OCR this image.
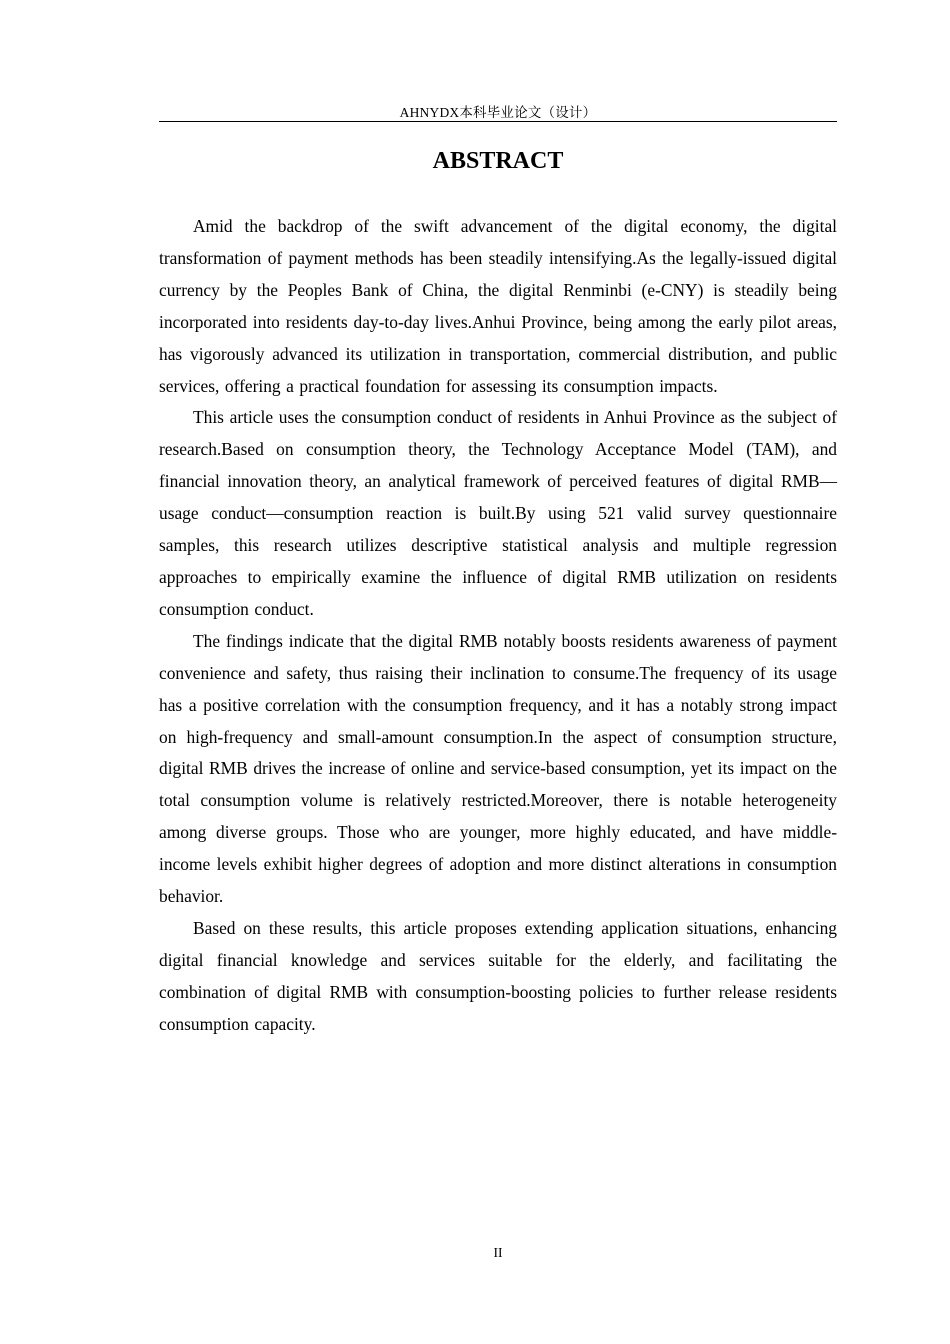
AHNYDX本科毕业论文（设计）
ABSTRACT

Amid the backdrop of the swift advancement of the digital economy, the digital transformation of payment methods has been steadily intensifying.As the legally-issued digital currency by the Peoples Bank of China, the digital Renminbi (e-CNY) is steadily being incorporated into residents day-to-day lives.Anhui Province, being among the early pilot areas, has vigorously advanced its utilization in transportation, commercial distribution, and public services, offering a practical foundation for assessing its consumption impacts.

This article uses the consumption conduct of residents in Anhui Province as the subject of research.Based on consumption theory, the Technology Acceptance Model (TAM), and financial innovation theory, an analytical framework of perceived features of digital RMB—usage conduct—consumption reaction is built.By using 521 valid survey questionnaire samples, this research utilizes descriptive statistical analysis and multiple regression approaches to empirically examine the influence of digital RMB utilization on residents consumption conduct.

The findings indicate that the digital RMB notably boosts residents awareness of payment convenience and safety, thus raising their inclination to consume.The frequency of its usage has a positive correlation with the consumption frequency, and it has a notably strong impact on high-frequency and small-amount consumption.In the aspect of consumption structure, digital RMB drives the increase of online and service-based consumption, yet its impact on the total consumption volume is relatively restricted.Moreover, there is notable heterogeneity among diverse groups. Those who are younger, more highly educated, and have middle-income levels exhibit higher degrees of adoption and more distinct alterations in consumption behavior.

Based on these results, this article proposes extending application situations, enhancing digital financial knowledge and services suitable for the elderly, and facilitating the combination of digital RMB with consumption-boosting policies to further release residents consumption capacity.

II
